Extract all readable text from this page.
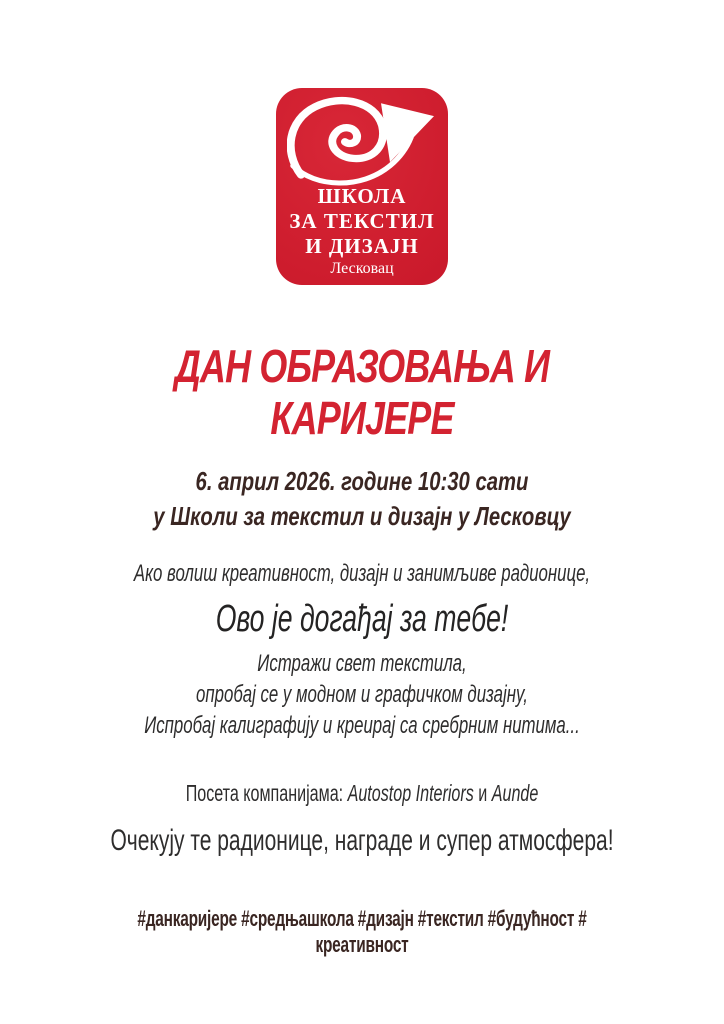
ШКОЛА
ЗА ТЕКСТИЛ
И ДИЗАЈН
Лесковац
ДАН ОБРАЗОВАЊА И КАРИЈЕРЕ
6. април 2026. године 10:30 сати
у Школи за текстил и дизајн у Лесковцу

Ако волиш креативност, дизајн и занимљиве радионице,

Ово је догађај за тебе!

Истражи свет текстила,

опробај се у модном и графичком дизајну,

Испробај калиграфију и креирај са сребрним нитима...

Посета компанијама: Autostop Interiors и Aunde

Очекују те радионице, награде и супер атмосфера!

#данкаријере #средњашкола #дизајн #текстил #будућност # креативност
